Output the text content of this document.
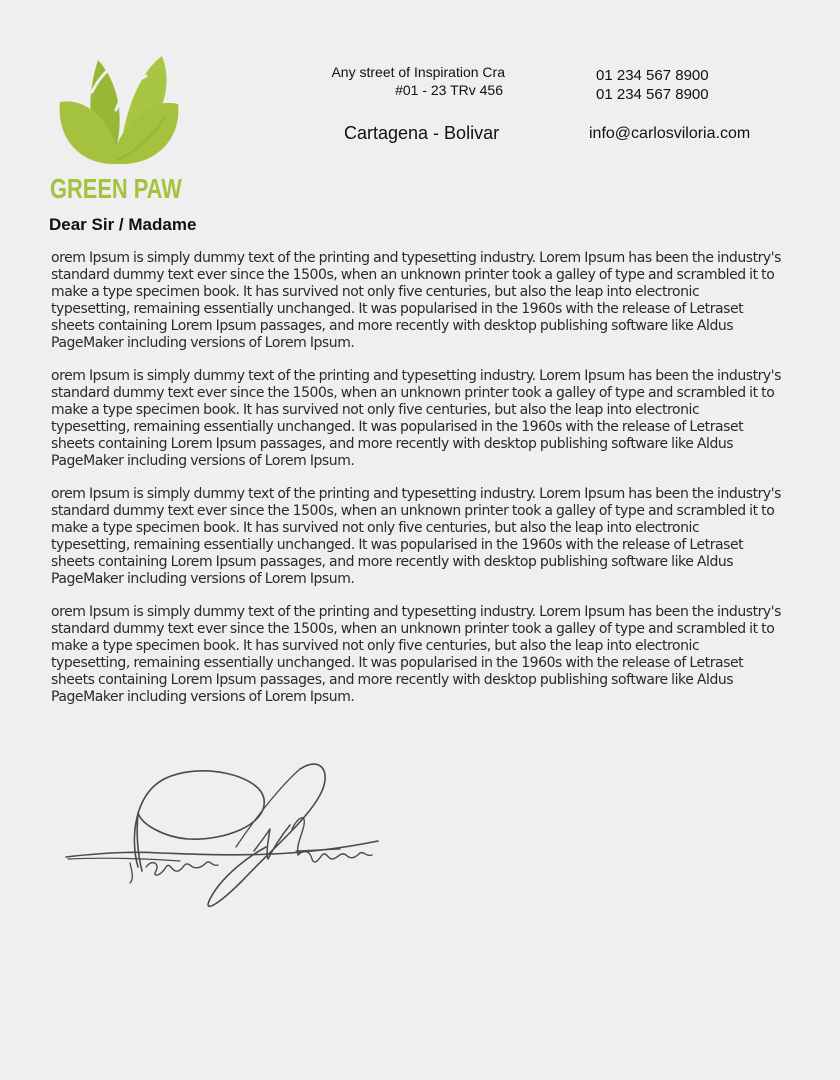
GREEN PAW

Any street of Inspiration Cra

#01 - 23 TRv 456

Cartagena - Bolivar

01 234 567 8900

01 234 567 8900

info@carlosviloria.com

Dear Sir / Madame

orem Ipsum is simply dummy text of the printing and typesetting industry. Lorem Ipsum has been the industry's standard dummy text ever since the 1500s, when an unknown printer took a galley of type and scrambled it to make a type specimen book. It has survived not only five centuries, but also the leap into electronic typesetting, remaining essentially unchanged. It was popularised in the 1960s with the release of Letraset sheets containing Lorem Ipsum passages, and more recently with desktop publishing software like Aldus PageMaker including versions of Lorem Ipsum.

orem Ipsum is simply dummy text of the printing and typesetting industry. Lorem Ipsum has been the industry's standard dummy text ever since the 1500s, when an unknown printer took a galley of type and scrambled it to make a type specimen book. It has survived not only five centuries, but also the leap into electronic typesetting, remaining essentially unchanged. It was popularised in the 1960s with the release of Letraset sheets containing Lorem Ipsum passages, and more recently with desktop publishing software like Aldus PageMaker including versions of Lorem Ipsum.

orem Ipsum is simply dummy text of the printing and typesetting industry. Lorem Ipsum has been the industry's standard dummy text ever since the 1500s, when an unknown printer took a galley of type and scrambled it to make a type specimen book. It has survived not only five centuries, but also the leap into electronic typesetting, remaining essentially unchanged. It was popularised in the 1960s with the release of Letraset sheets containing Lorem Ipsum passages, and more recently with desktop publishing software like Aldus PageMaker including versions of Lorem Ipsum.

orem Ipsum is simply dummy text of the printing and typesetting industry. Lorem Ipsum has been the industry's standard dummy text ever since the 1500s, when an unknown printer took a galley of type and scrambled it to make a type specimen book. It has survived not only five centuries, but also the leap into electronic typesetting, remaining essentially unchanged. It was popularised in the 1960s with the release of Letraset sheets containing Lorem Ipsum passages, and more recently with desktop publishing software like Aldus PageMaker including versions of Lorem Ipsum.
